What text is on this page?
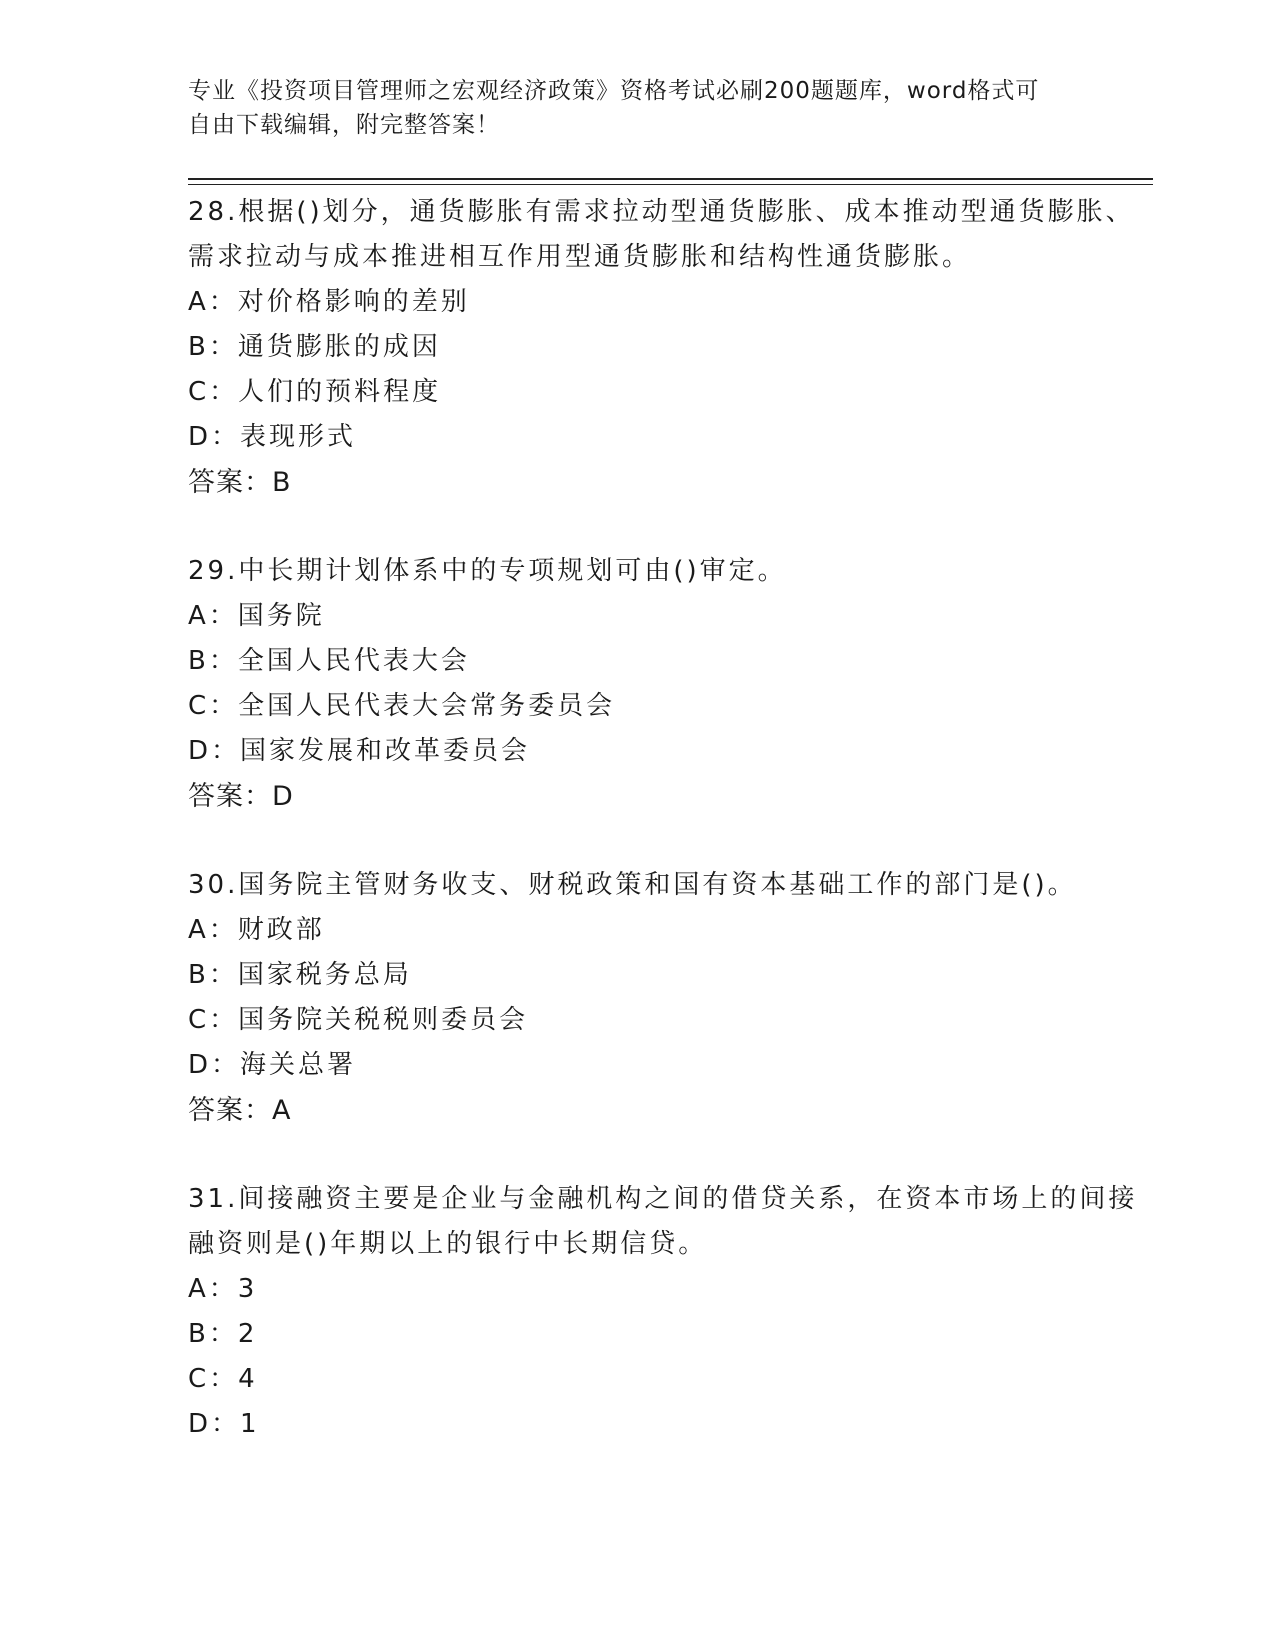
专业《投资项目管理师之宏观经济政策》资格考试必刷200题题库，word格式可
自由下载编辑，附完整答案！
28.根据()划分，通货膨胀有需求拉动型通货膨胀、成本推动型通货膨胀、需求拉动与成本推进相互作用型通货膨胀和结构性通货膨胀。
A：对价格影响的差别
B：通货膨胀的成因
C：人们的预料程度
D：表现形式
答案：B
29.中长期计划体系中的专项规划可由()审定。
A：国务院
B：全国人民代表大会
C：全国人民代表大会常务委员会
D：国家发展和改革委员会
答案：D
30.国务院主管财务收支、财税政策和国有资本基础工作的部门是()。
A：财政部
B：国家税务总局
C：国务院关税税则委员会
D：海关总署
答案：A
31.间接融资主要是企业与金融机构之间的借贷关系，在资本市场上的间接融资则是()年期以上的银行中长期信贷。
A：3
B：2
C：4
D：1
